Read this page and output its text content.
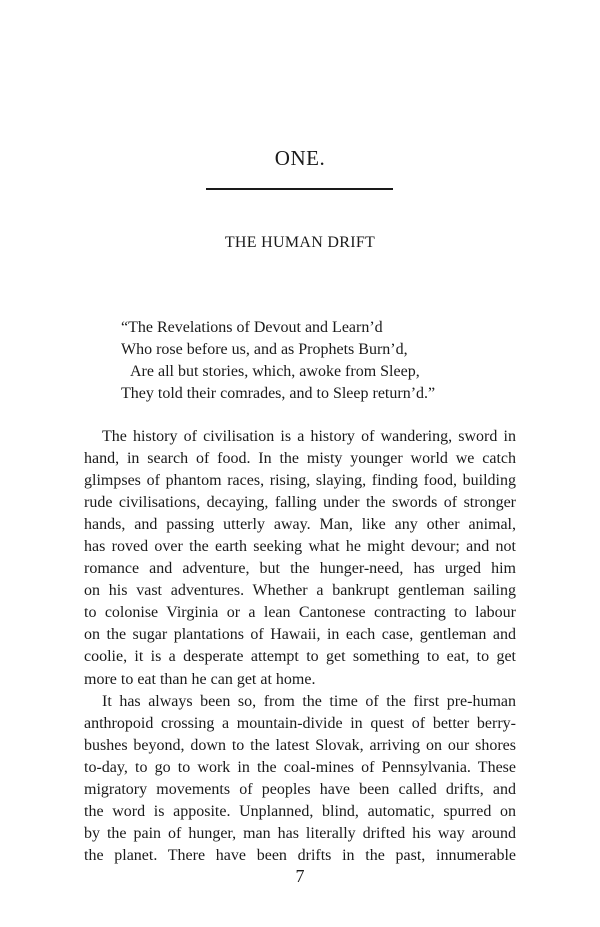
ONE.
THE HUMAN DRIFT
“The Revelations of Devout and Learn’d
Who rose before us, and as Prophets Burn’d,
Are all but stories, which, awoke from Sleep,
They told their comrades, and to Sleep return’d.”
The history of civilisation is a history of wandering, sword in
hand, in search of food. In the misty younger world we catch
glimpses of phantom races, rising, slaying, finding food, building
rude civilisations, decaying, falling under the swords of stronger
hands, and passing utterly away. Man, like any other animal,
has roved over the earth seeking what he might devour; and not
romance and adventure, but the hunger-need, has urged him
on his vast adventures. Whether a bankrupt gentleman sailing
to colonise Virginia or a lean Cantonese contracting to labour
on the sugar plantations of Hawaii, in each case, gentleman and
coolie, it is a desperate attempt to get something to eat, to get
more to eat than he can get at home.
It has always been so, from the time of the first pre-human
anthropoid crossing a mountain-divide in quest of better berry-
bushes beyond, down to the latest Slovak, arriving on our shores
to-day, to go to work in the coal-mines of Pennsylvania. These
migratory movements of peoples have been called drifts, and
the word is apposite. Unplanned, blind, automatic, spurred on
by the pain of hunger, man has literally drifted his way around
the planet. There have been drifts in the past, innumerable
7
